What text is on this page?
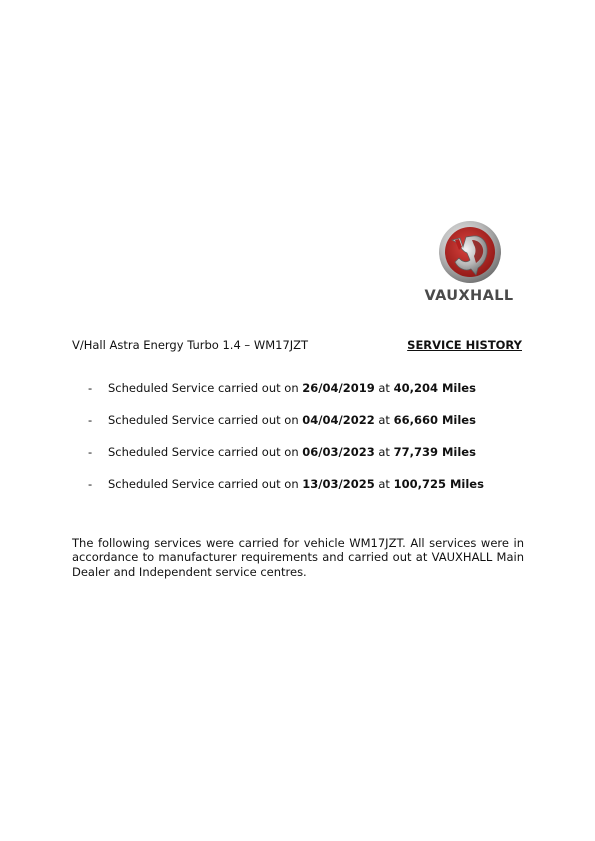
VAUXHALL
V/Hall Astra Energy Turbo 1.4 – WM17JZT	SERVICE HISTORY
- Scheduled Service carried out on 26/04/2019 at 40,204 Miles
- Scheduled Service carried out on 04/04/2022 at 66,660 Miles
- Scheduled Service carried out on 06/03/2023 at 77,739 Miles
- Scheduled Service carried out on 13/03/2025 at 100,725 Miles

The following services were carried for vehicle WM17JZT. All services were in accordance to manufacturer requirements and carried out at VAUXHALL Main Dealer and Independent service centres.
